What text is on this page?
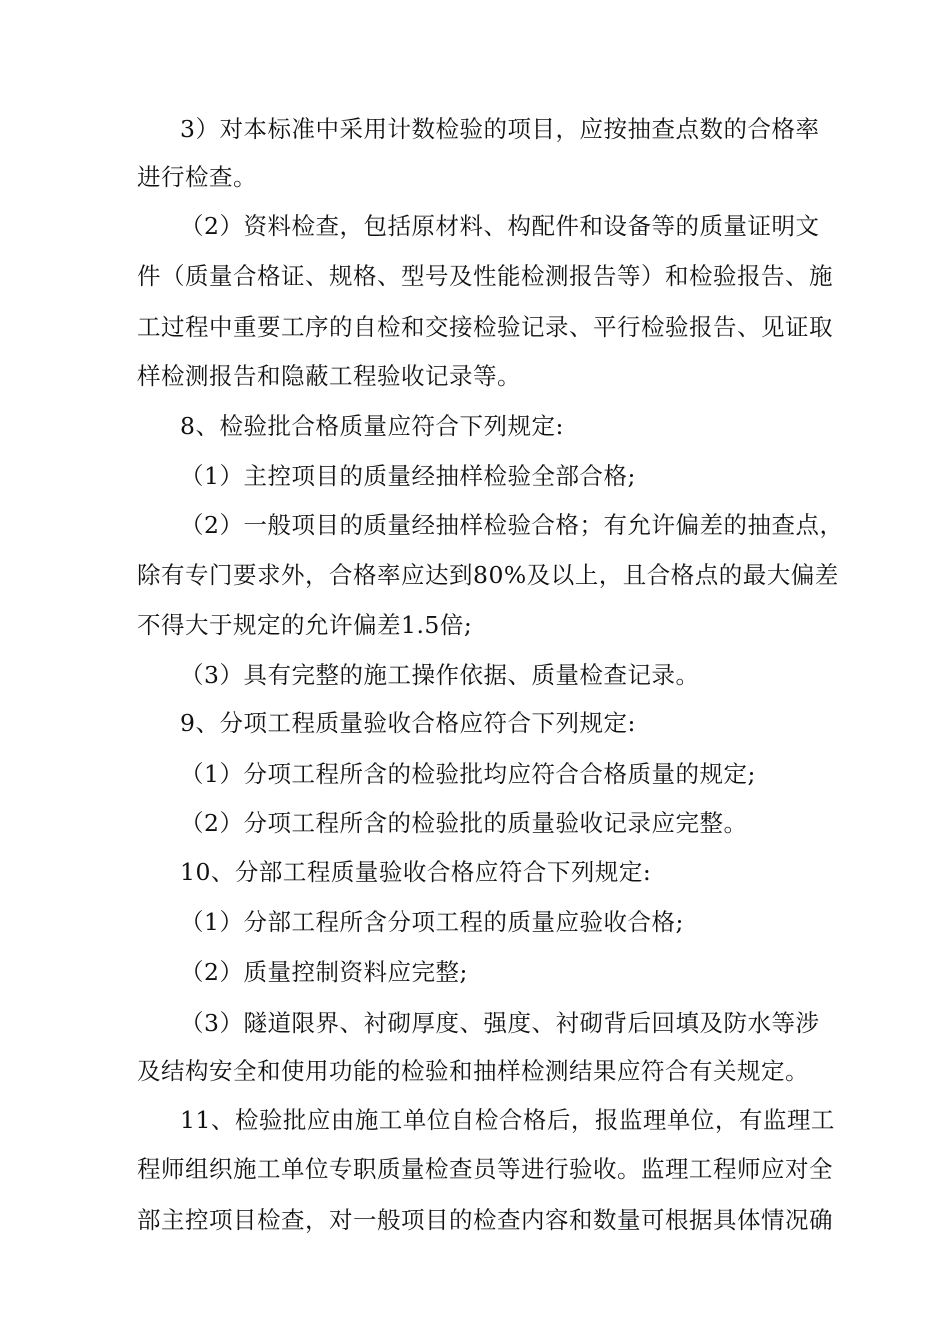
3）对本标准中采用计数检验的项目，应按抽查点数的合格率
进行检查。
（2）资料检查，包括原材料、构配件和设备等的质量证明文
件（质量合格证、规格、型号及性能检测报告等）和检验报告、施
工过程中重要工序的自检和交接检验记录、平行检验报告、见证取
样检测报告和隐蔽工程验收记录等。
8、检验批合格质量应符合下列规定:
（1）主控项目的质量经抽样检验全部合格;
（2）一般项目的质量经抽样检验合格；有允许偏差的抽查点，
除有专门要求外，合格率应达到80%及以上，且合格点的最大偏差
不得大于规定的允许偏差1.5倍;
（3）具有完整的施工操作依据、质量检查记录。
9、分项工程质量验收合格应符合下列规定:
（1）分项工程所含的检验批均应符合合格质量的规定;
（2）分项工程所含的检验批的质量验收记录应完整。
10、分部工程质量验收合格应符合下列规定:
（1）分部工程所含分项工程的质量应验收合格;
（2）质量控制资料应完整;
（3）隧道限界、衬砌厚度、强度、衬砌背后回填及防水等涉
及结构安全和使用功能的检验和抽样检测结果应符合有关规定。
11、检验批应由施工单位自检合格后，报监理单位，有监理工
程师组织施工单位专职质量检查员等进行验收。监理工程师应对全
部主控项目检查，对一般项目的检查内容和数量可根据具体情况确
